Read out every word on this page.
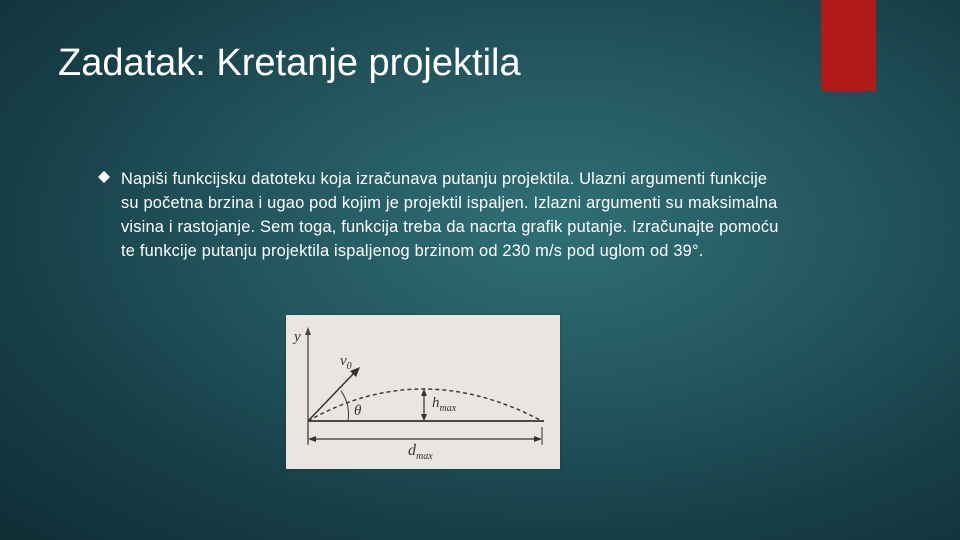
Zadatak: Kretanje projektila
Napiši funkcijsku datoteku koja izračunava putanju projektila. Ulazni argumenti funkcije su početna brzina i ugao pod kojim je projektil ispaljen. Izlazni argumenti su maksimalna visina i rastojanje. Sem toga, funkcija treba da nacrta grafik putanje. Izračunajte pomoću te funkcije putanju projektila ispaljenog brzinom od 230 m/s pod uglom od 39°.
y
$v_0$
θ	$h_{max}$
$d_{max}$
